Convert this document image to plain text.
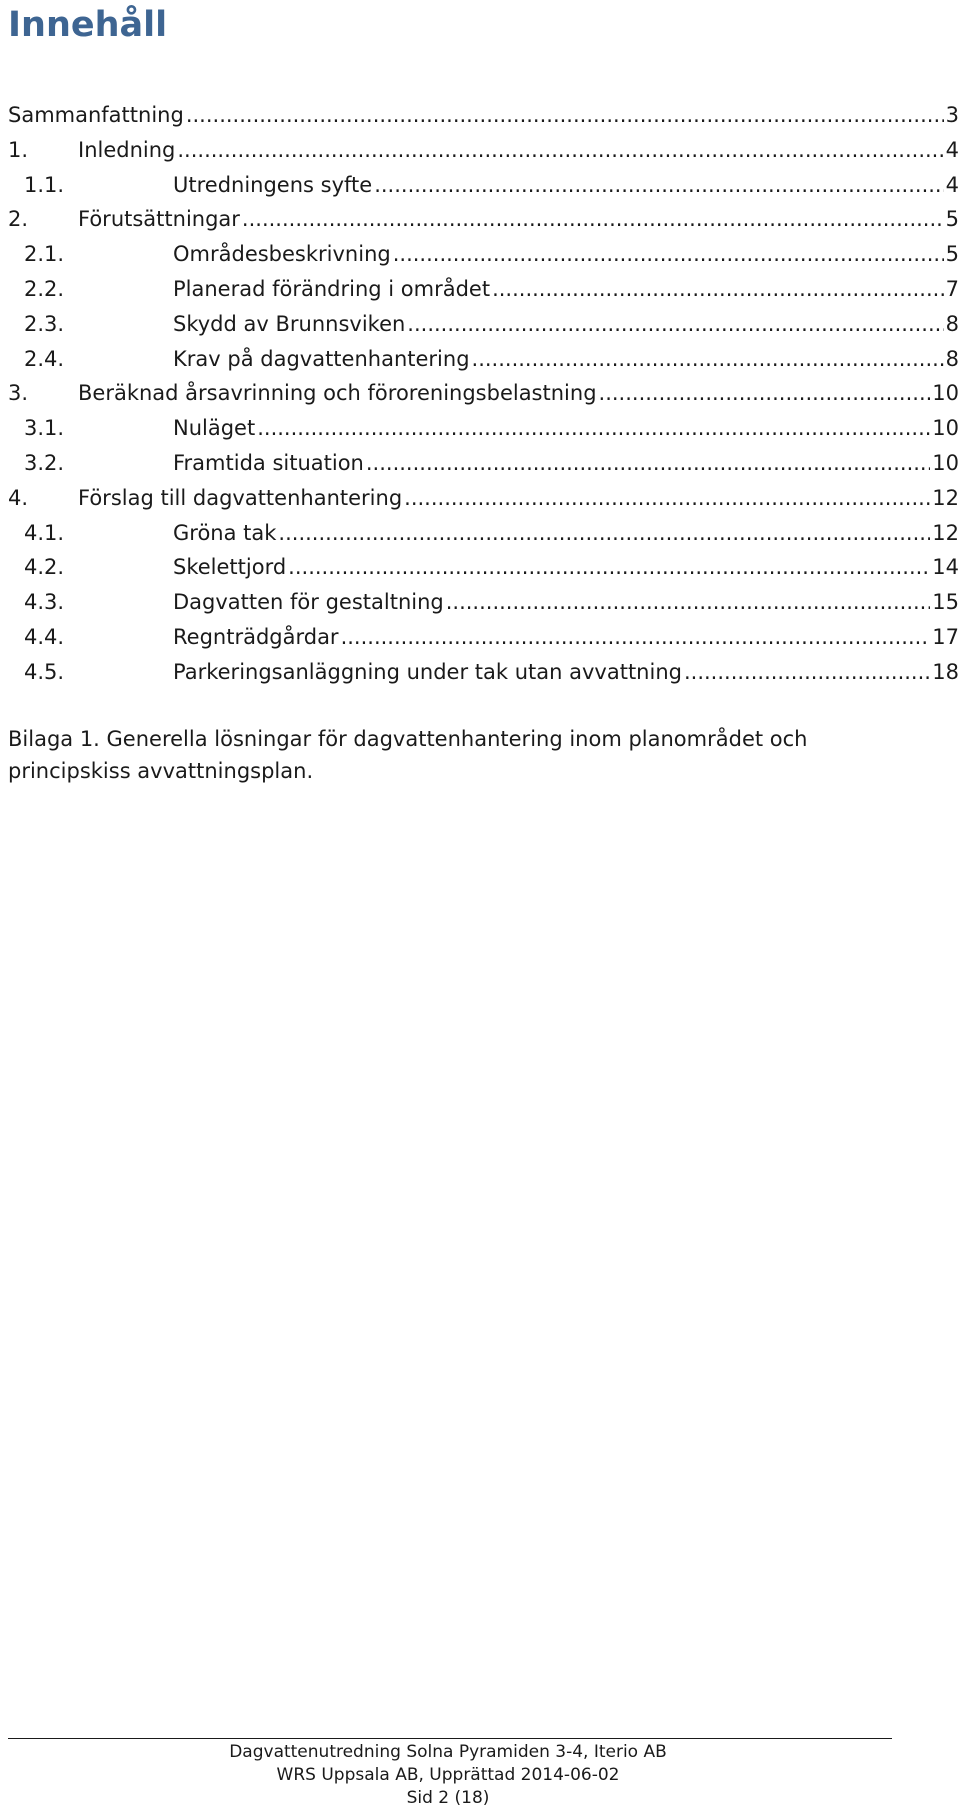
Innehåll
Sammanfattning .....	3
1.	Inledning .....	4
1.1.	Utredningens syfte .....	4
2.	Förutsättningar .....	5
2.1.	Områdesbeskrivning .....	5
2.2.	Planerad förändring i området .....	7
2.3.	Skydd av Brunnsviken .....	8
2.4.	Krav på dagvattenhantering .....	8
3.	Beräknad årsavrinning och föroreningsbelastning .....	10
3.1.	Nuläget .....	10
3.2.	Framtida situation .....	10
4.	Förslag till dagvattenhantering .....	12
4.1.	Gröna tak .....	12
4.2.	Skelettjord .....	14
4.3.	Dagvatten för gestaltning .....	15
4.4.	Regnträdgårdar .....	17
4.5.	Parkeringsanläggning under tak utan avvattning .....	18

Bilaga 1. Generella lösningar för dagvattenhantering inom planområdet och principskiss avvattningsplan.

Dagvattenutredning Solna Pyramiden 3-4, Iterio AB
WRS Uppsala AB, Upprättad 2014-06-02
Sid 2 (18)
